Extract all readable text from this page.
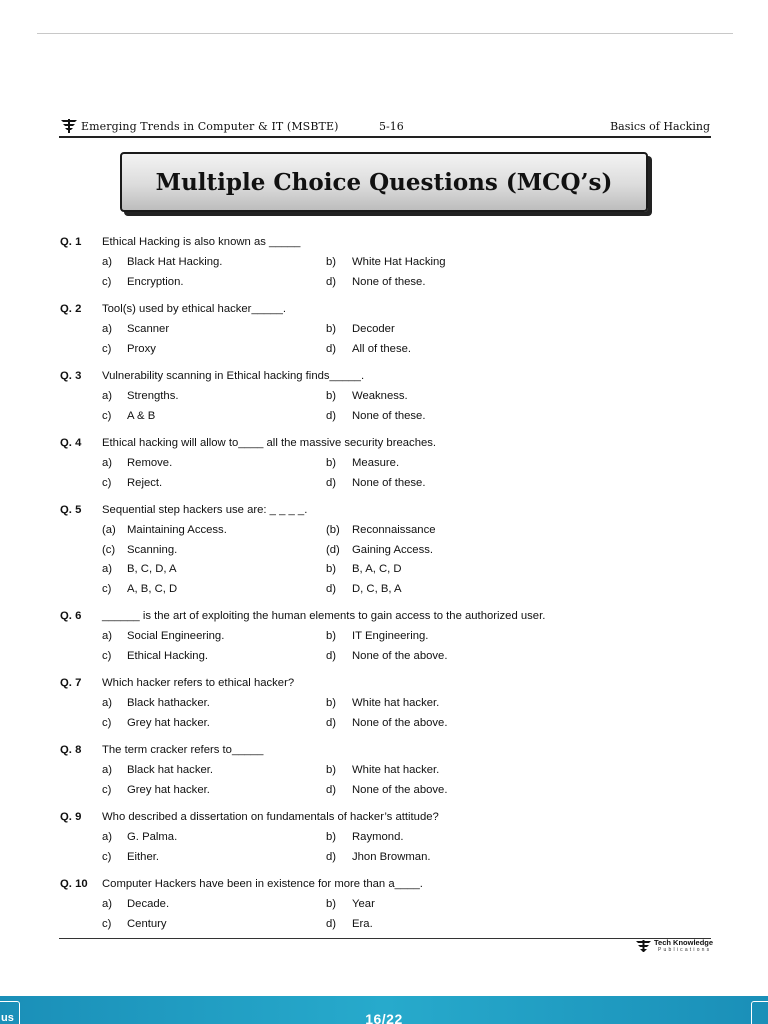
Emerging Trends in Computer & IT (MSBTE)	5-16	Basics of Hacking
Multiple Choice Questions (MCQ’s)
Q. 1 Ethical Hacking is also known as _____
a) Black Hat Hacking.	b) White Hat Hacking
c) Encryption.	d) None of these.
Q. 2 Tool(s) used by ethical hacker_____.
a) Scanner	b) Decoder
c) Proxy	d) All of these.
Q. 3 Vulnerability scanning in Ethical hacking finds_____.
a) Strengths.	b) Weakness.
c) A & B	d) None of these.
Q. 4 Ethical hacking will allow to____ all the massive security breaches.
a) Remove.	b) Measure.
c) Reject.	d) None of these.
Q. 5 Sequential step hackers use are: _ _ _ _.
(a) Maintaining Access.	(b) Reconnaissance
(c) Scanning.	(d) Gaining Access.
a) B, C, D, A	b) B, A, C, D
c) A, B, C, D	d) D, C, B, A
Q. 6 ______ is the art of exploiting the human elements to gain access to the authorized user.
a) Social Engineering.	b) IT Engineering.
c) Ethical Hacking.	d) None of the above.
Q. 7 Which hacker refers to ethical hacker?
a) Black hathacker.	b) White hat hacker.
c) Grey hat hacker.	d) None of the above.
Q. 8 The term cracker refers to_____
a) Black hat hacker.	b) White hat hacker.
c) Grey hat hacker.	d) None of the above.
Q. 9 Who described a dissertation on fundamentals of hacker’s attitude?
a) G. Palma.	b) Raymond.
c) Either.	d) Jhon Browman.
Q. 10 Computer Hackers have been in existence for more than a____.
a) Decade.	b) Year
c) Century	d) Era.
Tech Knowledge
Publications
us	16/22
